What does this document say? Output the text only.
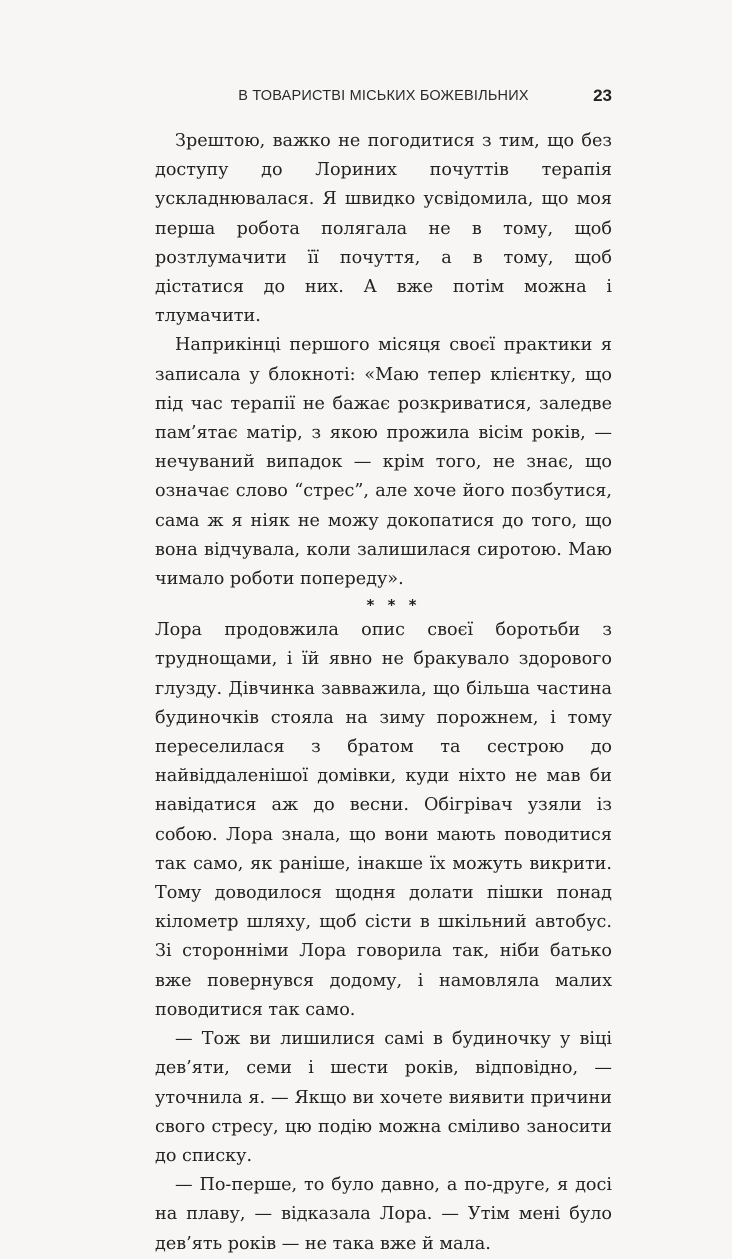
В ТОВАРИСТВІ МІСЬКИХ БОЖЕВІЛЬНИХ	23

Зрештою, важко не погодитися з тим, що без доступу до Лориних почуттів терапія ускладнювалася. Я швидко усвідомила, що моя перша робота полягала не в тому, щоб розтлумачити її почуття, а в тому, щоб дістатися до них. А вже потім можна і тлумачити.

Наприкінці першого місяця своєї практики я записала у блокноті: «Маю тепер клієнтку, що під час терапії не бажає розкриватися, заледве пам’ятає матір, з якою прожила вісім років, — нечуваний випадок — крім того, не знає, що означає слово “стрес”, але хоче його позбутися, сама ж я ніяк не можу докопатися до того, що вона відчувала, коли залишилася сиротою. Маю чимало роботи попереду».

* * *

Лора продовжила опис своєї боротьби з труднощами, і їй явно не бракувало здорового глузду. Дівчинка завважила, що більша частина будиночків стояла на зиму порожнем, і тому переселилася з братом та сестрою до найвіддаленішої домівки, куди ніхто не мав би навідатися аж до весни. Обігрівач узяли із собою. Лора знала, що вони мають поводитися так само, як раніше, інакше їх можуть викрити. Тому доводилося щодня долати пішки понад кілометр шляху, щоб сісти в шкільний автобус. Зі сторонніми Лора говорила так, ніби батько вже повернувся додому, і намовляла малих поводитися так само.

— Тож ви лишилися самі в будиночку у віці дев’яти, семи і шести років, відповідно, — уточнила я. — Якщо ви хочете виявити причини свого стресу, цю подію можна сміливо заносити до списку.

— По-перше, то було давно, а по-друге, я досі на плаву, — відказала Лора. — Утім мені було дев’ять років — не така вже й мала.
